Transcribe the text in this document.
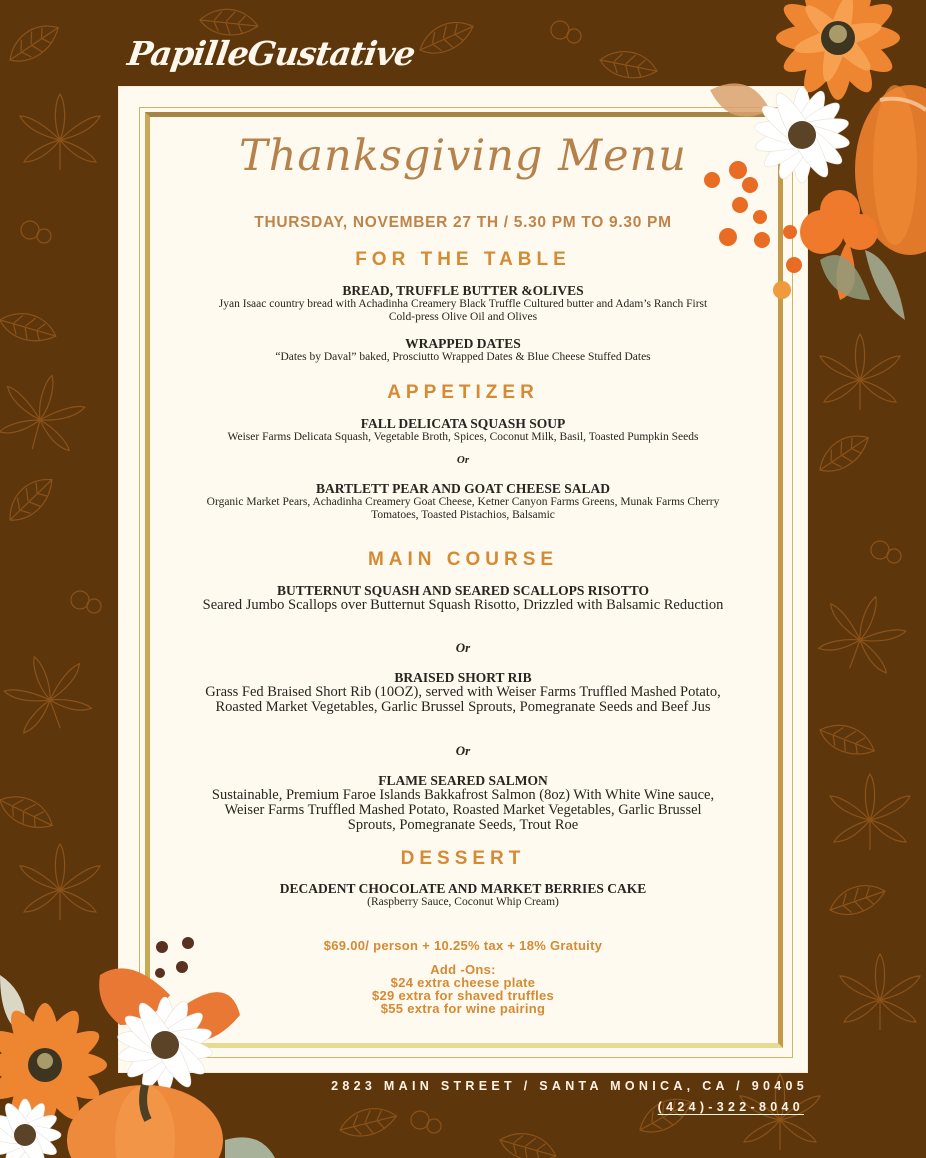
PapilleGustative
Thanksgiving Menu
THURSDAY, NOVEMBER 27 TH / 5.30 PM TO 9.30 PM
FOR THE TABLE
BREAD, TRUFFLE BUTTER &OLIVES
Jyan Isaac country bread with Achadinha Creamery Black Truffle Cultured butter and Adam’s Ranch First Cold-press Olive Oil and Olives
WRAPPED DATES
“Dates by Daval” baked, Prosciutto Wrapped Dates & Blue Cheese Stuffed Dates
APPETIZER
FALL DELICATA SQUASH SOUP
Weiser Farms Delicata Squash, Vegetable Broth, Spices, Coconut Milk, Basil, Toasted Pumpkin Seeds
Or
BARTLETT PEAR AND GOAT CHEESE SALAD
Organic Market Pears, Achadinha Creamery Goat Cheese, Ketner Canyon Farms Greens, Munak Farms Cherry Tomatoes, Toasted Pistachios, Balsamic
MAIN COURSE
BUTTERNUT SQUASH AND SEARED SCALLOPS RISOTTO
Seared Jumbo Scallops over Butternut Squash Risotto, Drizzled with Balsamic Reduction
Or
BRAISED SHORT RIB
Grass Fed Braised Short Rib (10OZ), served with Weiser Farms Truffled Mashed Potato, Roasted Market Vegetables, Garlic Brussel Sprouts, Pomegranate Seeds and Beef Jus
Or
FLAME SEARED SALMON
Sustainable, Premium Faroe Islands Bakkafrost Salmon (8oz) With White Wine sauce, Weiser Farms Truffled Mashed Potato, Roasted Market Vegetables, Garlic Brussel Sprouts, Pomegranate Seeds, Trout Roe
DESSERT
DECADENT CHOCOLATE AND MARKET BERRIES CAKE
(Raspberry Sauce, Coconut Whip Cream)
$69.00/ person + 10.25% tax + 18% Gratuity
Add -Ons:
$24 extra cheese plate
$29 extra for shaved truffles
$55 extra for wine pairing
2823 MAIN STREET / SANTA MONICA, CA / 90405
(424)-322-8040
